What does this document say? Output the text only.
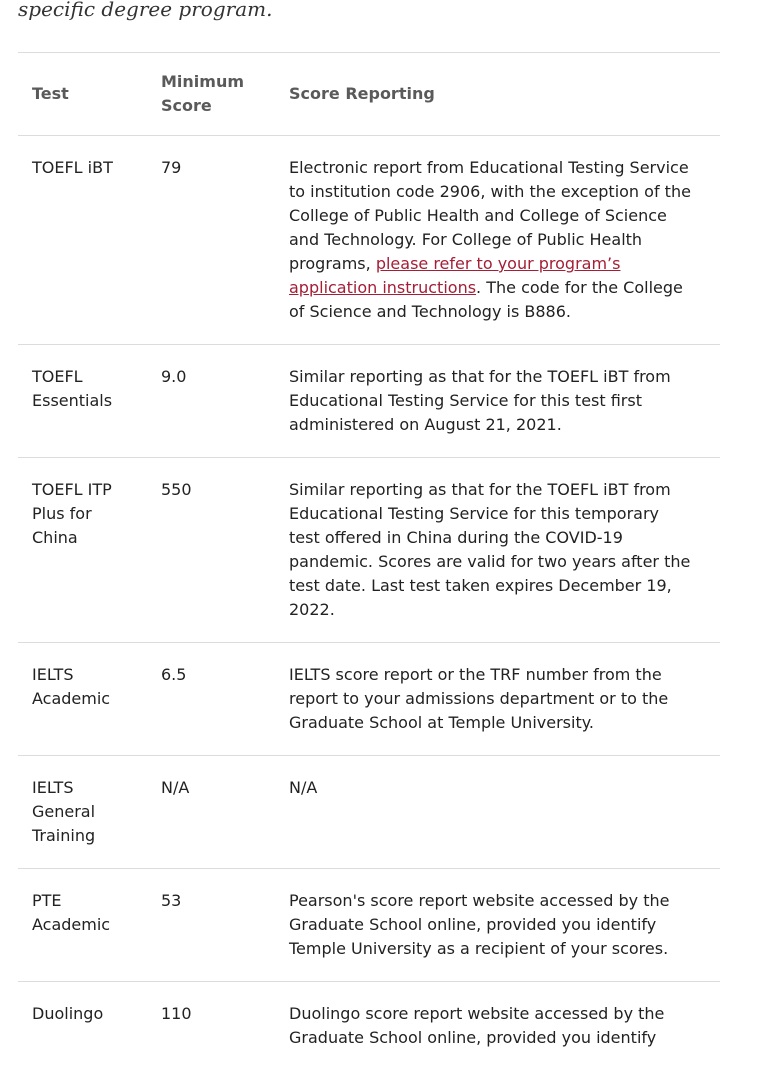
specific degree program.

Test	Minimum Score	Score Reporting
TOEFL iBT	79	Electronic report from Educational Testing Service to institution code 2906, with the exception of the College of Public Health and College of Science and Technology. For College of Public Health programs, please refer to your program’s application instructions. The code for the College of Science and Technology is B886.
TOEFL Essentials	9.0	Similar reporting as that for the TOEFL iBT from Educational Testing Service for this test first administered on August 21, 2021.
TOEFL ITP Plus for China	550	Similar reporting as that for the TOEFL iBT from Educational Testing Service for this temporary test offered in China during the COVID-19 pandemic. Scores are valid for two years after the test date. Last test taken expires December 19, 2022.
IELTS Academic	6.5	IELTS score report or the TRF number from the report to your admissions department or to the Graduate School at Temple University.
IELTS General Training	N/A	N/A
PTE Academic	53	Pearson's score report website accessed by the Graduate School online, provided you identify Temple University as a recipient of your scores.
Duolingo	110	Duolingo score report website accessed by the Graduate School online, provided you identify
